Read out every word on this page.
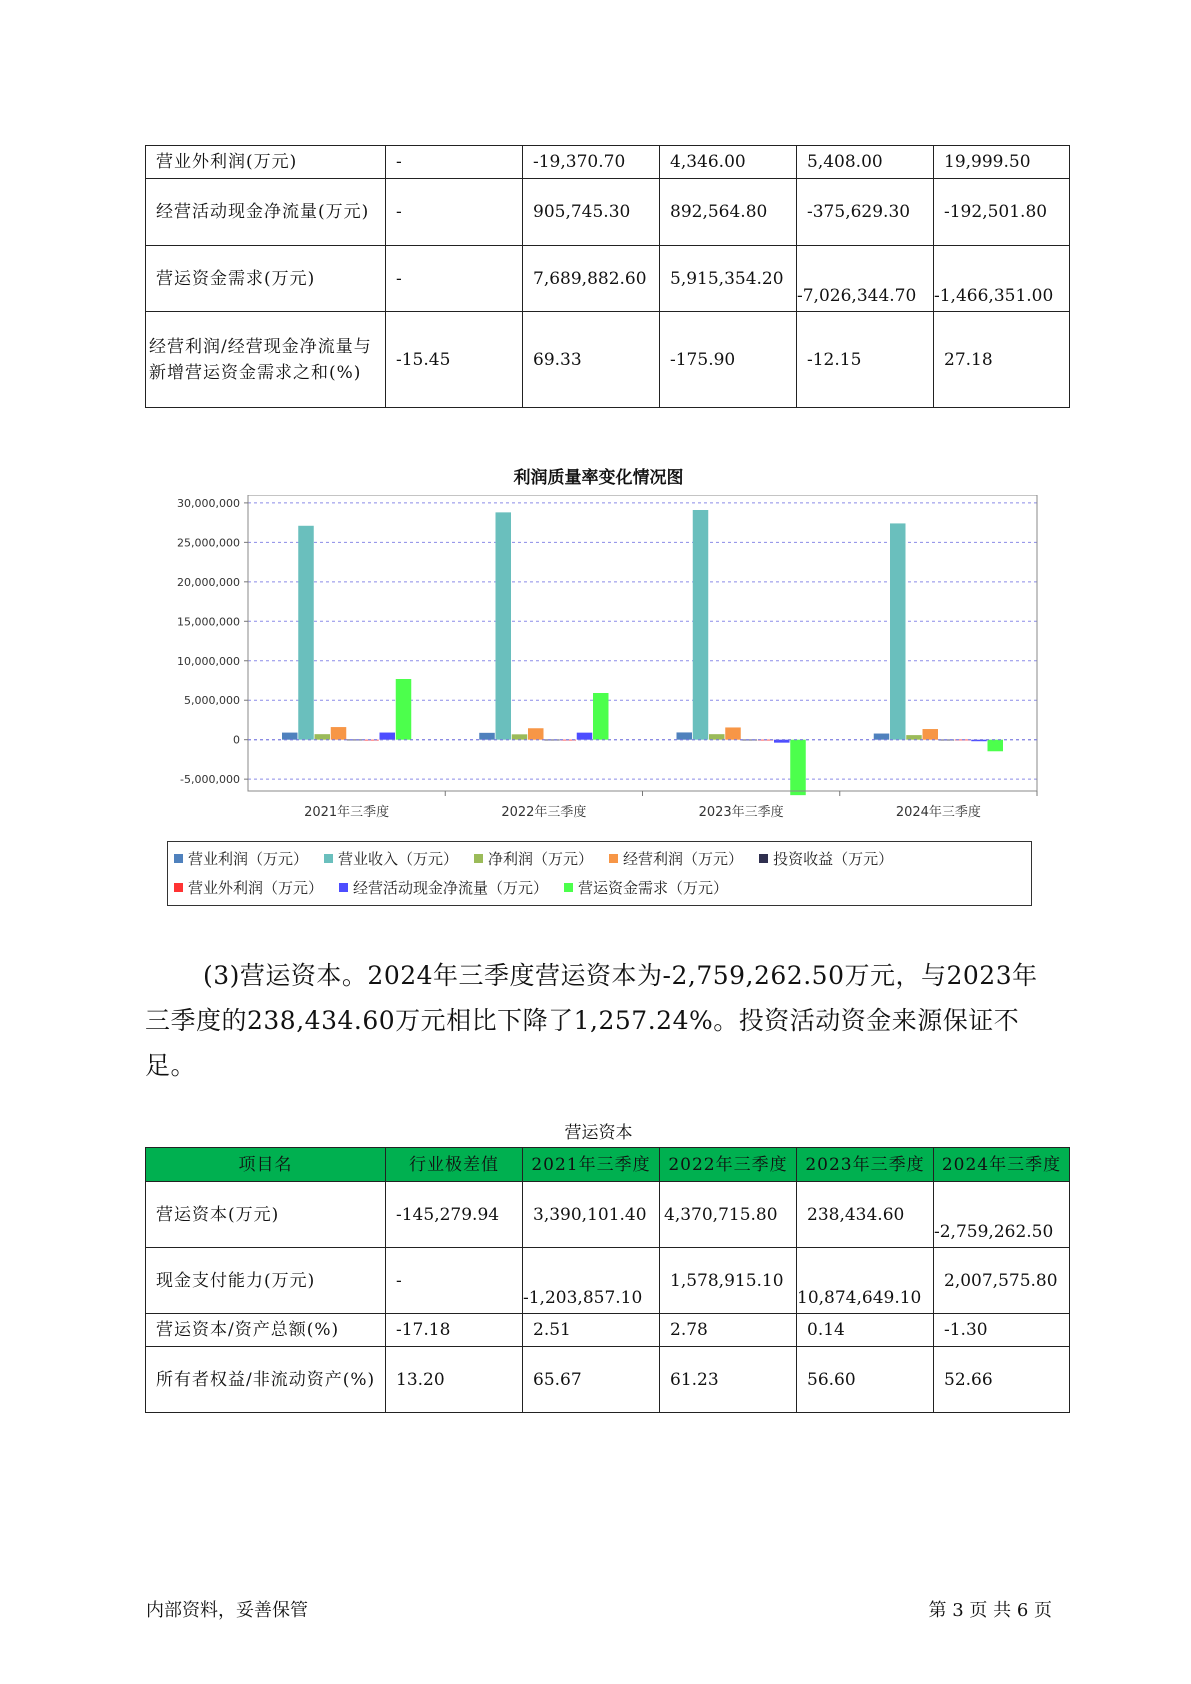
营业外利润(万元)	-	-19,370.70	4,346.00	5,408.00	19,999.50
经营活动现金净流量(万元)	-	905,745.30	892,564.80	-375,629.30	-192,501.80
营运资金需求(万元)	-	7,689,882.60	5,915,354.20	-7,026,344.70	-1,466,351.00
经营利润/经营现金净流量与新增营运资金需求之和(%)	-15.45	69.33	-175.90	-12.15	27.18
利润质量率变化情况图
-5,000,000
0
5,000,000
10,000,000
15,000,000
20,000,000
25,000,000
30,000,000
2021年三季度	2022年三季度	2023年三季度	2024年三季度
营业利润（万元） 营业收入（万元） 净利润（万元） 经营利润（万元） 投资收益（万元）
营业外利润（万元） 经营活动现金净流量（万元） 营运资金需求（万元）

(3)营运资本。2024年三季度营运资本为-2,759,262.50万元，与2023年三季度的238,434.60万元相比下降了1,257.24%。投资活动资金来源保证不足。

营运资本
项目名	行业极差值	2021年三季度	2022年三季度	2023年三季度	2024年三季度
营运资本(万元)	-145,279.94	3,390,101.40	4,370,715.80	238,434.60	-2,759,262.50
现金支付能力(万元)	-	-1,203,857.10	1,578,915.10	10,874,649.10	2,007,575.80
营运资本/资产总额(%)	-17.18	2.51	2.78	0.14	-1.30
所有者权益/非流动资产(%)	13.20	65.67	61.23	56.60	52.66
内部资料，妥善保管	第 3 页 共 6 页
